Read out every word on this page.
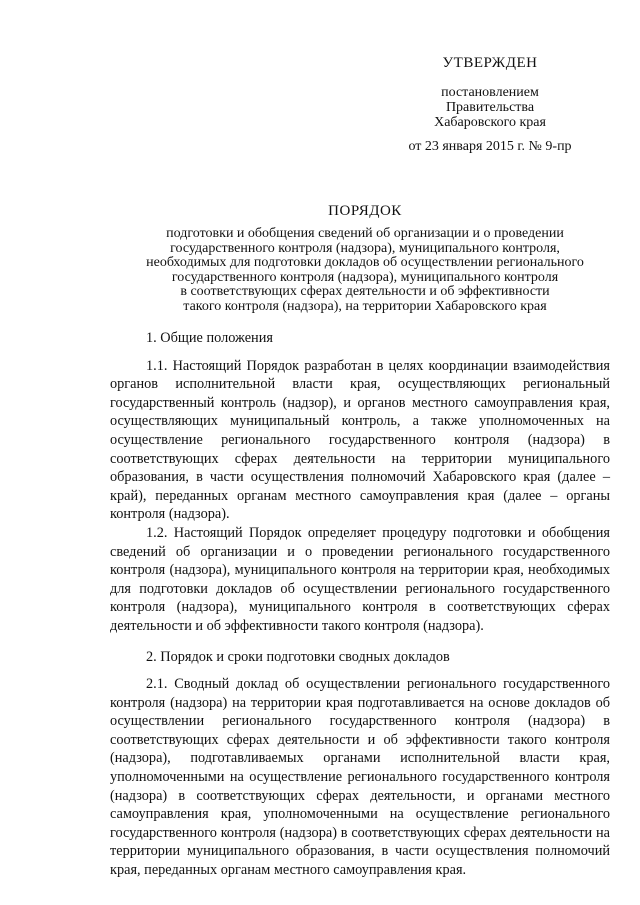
УТВЕРЖДЕН
постановлением
Правительства
Хабаровского края
от 23 января 2015 г. № 9-пр
ПОРЯДОК
подготовки и обобщения сведений об организации и о проведении
государственного контроля (надзора), муниципального контроля,
необходимых для подготовки докладов об осуществлении регионального
государственного контроля (надзора), муниципального контроля
в соответствующих сферах деятельности и об эффективности
такого контроля (надзора), на территории Хабаровского края

1. Общие положения

1.1. Настоящий Порядок разработан в целях координации взаимодействия органов исполнительной власти края, осуществляющих региональный государственный контроль (надзор), и органов местного самоуправления края, осуществляющих муниципальный контроль, а также уполномоченных на осуществление регионального государственного контроля (надзора) в соответствующих сферах деятельности на территории муниципального образования, в части осуществления полномочий Хабаровского края (далее – край), переданных органам местного самоуправления края (далее – органы контроля (надзора).

1.2. Настоящий Порядок определяет процедуру подготовки и обобщения сведений об организации и о проведении регионального государственного контроля (надзора), муниципального контроля на территории края, необходимых для подготовки докладов об осуществлении регионального государственного контроля (надзора), муниципального контроля в соответствующих сферах деятельности и об эффективности такого контроля (надзора).

2. Порядок и сроки подготовки сводных докладов

2.1. Сводный доклад об осуществлении регионального государственного контроля (надзора) на территории края подготавливается на основе докладов об осуществлении регионального государственного контроля (надзора) в соответствующих сферах деятельности и об эффективности такого контроля (надзора), подготавливаемых органами исполнительной власти края, уполномоченными на осуществление регионального государственного контроля (надзора) в соответствующих сферах деятельности, и органами местного самоуправления края, уполномоченными на осуществление регионального государственного контроля (надзора) в соответствующих сферах деятельности на территории муниципального образования, в части осуществления полномочий края, переданных органам местного самоуправления края.
